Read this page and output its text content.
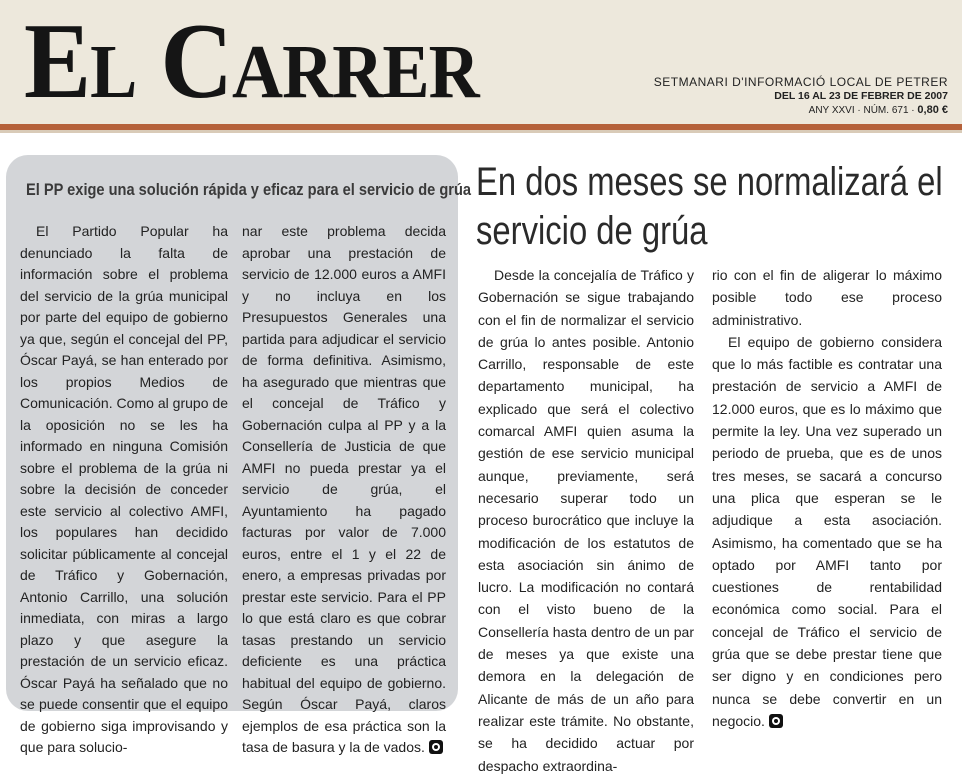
El Carrer	SETMANARI D'INFORMACIÓ LOCAL DE PETRER
DEL 16 AL 23 DE FEBRER DE 2007
ANY XXVI · NÚM. 671 · 0,80 €
El PP exige una solución rápida y eficaz para el servicio de grúa

El Partido Popular ha denunciado la falta de información sobre el problema del servicio de la grúa municipal por parte del equipo de gobierno ya que, según el concejal del PP, Óscar Payá, se han enterado por los propios Medios de Comunicación. Como al grupo de la oposición no se les ha informado en ninguna Comisión sobre el problema de la grúa ni sobre la decisión de conceder este servicio al colectivo AMFI, los populares han decidido solicitar públicamente al concejal de Tráfico y Gobernación, Antonio Carrillo, una solución inmediata, con miras a largo plazo y que asegure la prestación de un servicio eficaz. Óscar Payá ha señalado que no se puede consentir que el equipo de gobierno siga improvisando y que para solucio-

nar este problema decida aprobar una prestación de servicio de 12.000 euros a AMFI y no incluya en los Presupuestos Generales una partida para adjudicar el servicio de forma definitiva. Asimismo, ha asegurado que mientras que el concejal de Tráfico y Gobernación culpa al PP y a la Consellería de Justicia de que AMFI no pueda prestar ya el servicio de grúa, el Ayuntamiento ha pagado facturas por valor de 7.000 euros, entre el 1 y el 22 de enero, a empresas privadas por prestar este servicio. Para el PP lo que está claro es que cobrar tasas prestando un servicio deficiente es una práctica habitual del equipo de gobierno. Según Óscar Payá, claros ejemplos de esa práctica son la tasa de basura y la de vados.

En dos meses se normalizará el
servicio de grúa

Desde la concejalía de Tráfico y Gobernación se sigue trabajando con el fin de normalizar el servicio de grúa lo antes posible. Antonio Carrillo, responsable de este departamento municipal, ha explicado que será el colectivo comarcal AMFI quien asuma la gestión de ese servicio municipal aunque, previamente, será necesario superar todo un proceso burocrático que incluye la modificación de los estatutos de esta asociación sin ánimo de lucro. La modificación no contará con el visto bueno de la Consellería hasta dentro de un par de meses ya que existe una demora en la delegación de Alicante de más de un año para realizar este trámite. No obstante, se ha decidido actuar por despacho extraordina-

rio con el fin de aligerar lo máximo posible todo ese proceso administrativo.

El equipo de gobierno considera que lo más factible es contratar una prestación de servicio a AMFI de 12.000 euros, que es lo máximo que permite la ley. Una vez superado un periodo de prueba, que es de unos tres meses, se sacará a concurso una plica que esperan se le adjudique a esta asociación. Asimismo, ha comentado que se ha optado por AMFI tanto por cuestiones de rentabilidad económica como social. Para el concejal de Tráfico el servicio de grúa que se debe prestar tiene que ser digno y en condiciones pero nunca se debe convertir en un negocio.
